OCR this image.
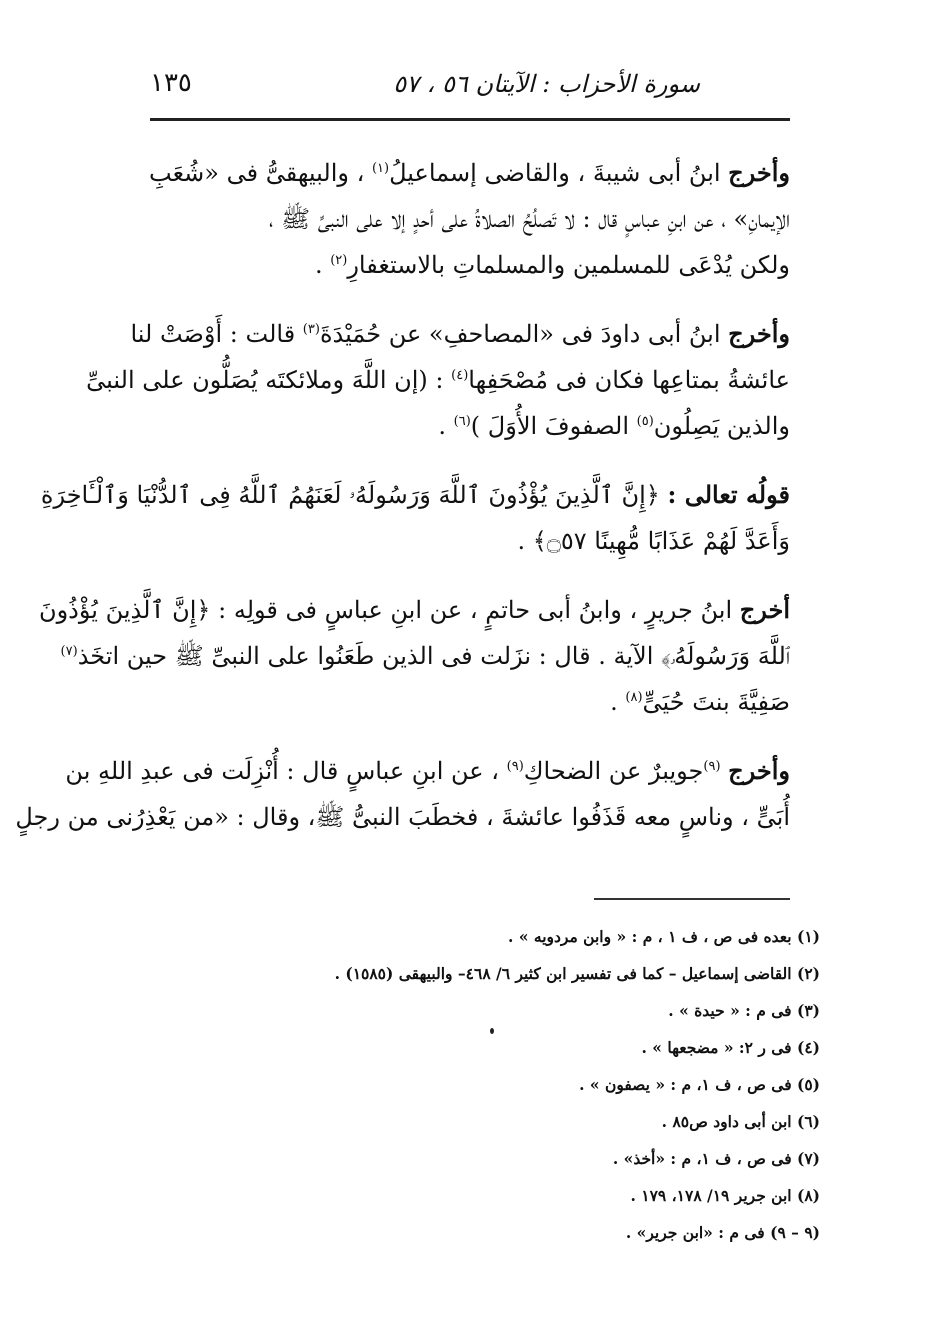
سورة الأحزاب : الآيتان ٥٦ ، ٥٧
١٣٥
وأخرج ابنُ أبى شيبةَ ، والقاضى إسماعيلُ$^{(١)}$ ، والبيهقىُّ فى «شُعَبِ
الإيمانِ» ، عن ابنِ عباسٍ قال : لا تَصلُحُ الصلاةُ على أحدٍ إلا على النبىِّ ﷺ ،
ولكن يُدْعَى للمسلمين والمسلماتِ بالاستغفارِ$^{(٢)}$ .
وأخرج ابنُ أبى داودَ فى «المصاحفِ» عن حُمَيْدَةَ$^{(٣)}$ قالت : أَوْصَتْ لنا
عائشةُ بمتاعِها فكان فى مُصْحَفِها$^{(٤)}$ : (إن اللَّهَ وملائكتَه يُصَلُّون على النبىِّ
والذين يَصِلُون$^{(٥)}$ الصفوفَ الأُوَلَ )$^{(٦)}$ .
قولُه تعالى : ﴿إِنَّ ٱلَّذِينَ يُؤْذُونَ ٱللَّهَ وَرَسُولَهُۥ لَعَنَهُمُ ٱللَّهُ فِى ٱلدُّنْيَا وَٱلْـَٔاخِرَةِ
وَأَعَدَّ لَهُمْ عَذَابًا مُّهِينًا ۝٥٧﴾ .
أخرج ابنُ جريرٍ ، وابنُ أبى حاتمٍ ، عن ابنِ عباسٍ فى قولِه : ﴿إِنَّ ٱلَّذِينَ يُؤْذُونَ
ٱللَّهَ وَرَسُولَهُۥ﴾ الآية . قال : نزَلت فى الذين طَعَنُوا على النبىِّ ﷺ حين اتخَذ$^{(٧)}$
صَفِيَّةَ بنتَ حُيَىٍّ$^{(٨)}$ .
وأخرج $^{(٩)}$جويبرٌ عن الضحاكِ$^{(٩)}$ ، عن ابنِ عباسٍ قال : أُنْزِلَت فى عبدِ اللهِ بن
أُبَىٍّ ، وناسٍ معه قَذَفُوا عائشةَ ، فخطَبَ النبىُّ ﷺ، وقال : «من يَعْذِرُنى من رجلٍ
(١) بعده فى ص ، ف ١ ، م : « وابن مردويه » .
(٢) القاضى إسماعيل – كما فى تفسير ابن كثير ٦/ ٤٦٨– والبيهقى (١٥٨٥) .
(٣) فى م : « حيدة » .
(٤) فى ر ٢: « مضجعها » .
(٥) فى ص ، ف ١، م : « يصفون » .
(٦) ابن أبى داود ص٨٥ .
(٧) فى ص ، ف ١، م : «أخذ» .
(٨) ابن جرير ١٩/ ١٧٨، ١٧٩ .
(٩ – ٩) فى م : «ابن جرير» .
